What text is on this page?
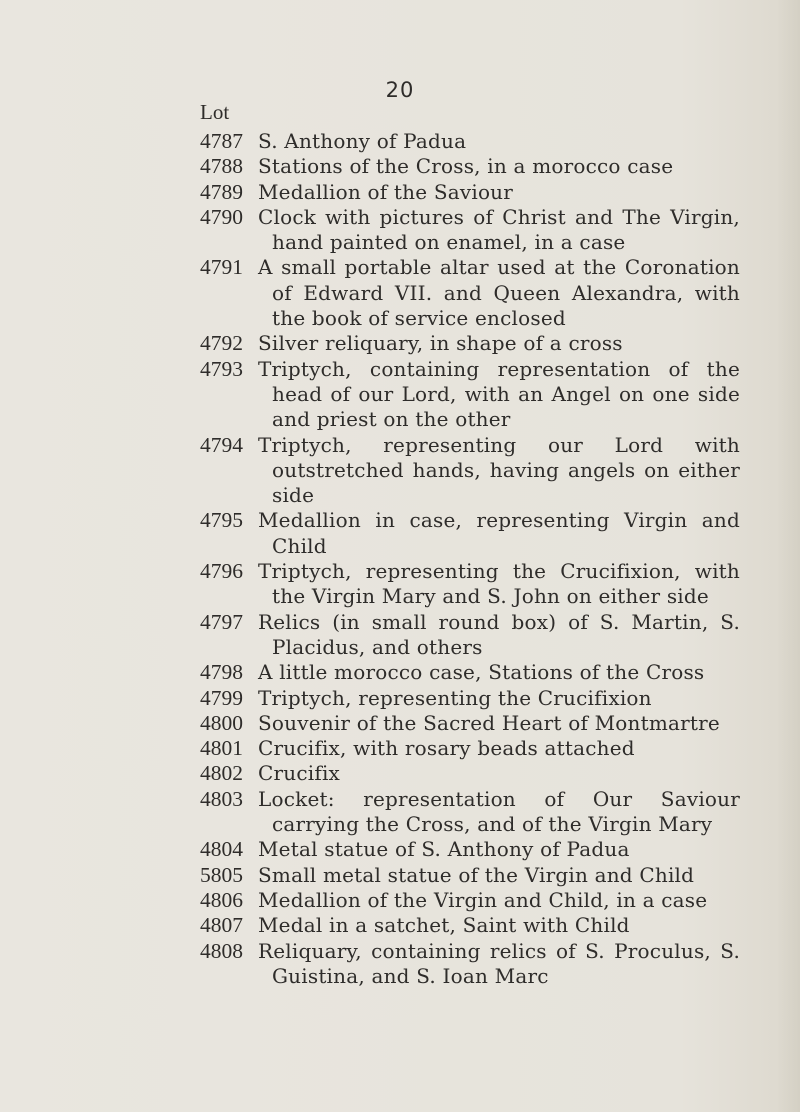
20
Lot
4787 S. Anthony of Padua
4788 Stations of the Cross, in a morocco case
4789 Medallion of the Saviour
4790 Clock with pictures of Christ and The Virgin, hand painted on enamel, in a case
4791 A small portable altar used at the Coronation of Edward VII. and Queen Alexandra, with the book of service enclosed
4792 Silver reliquary, in shape of a cross
4793 Triptych, containing representation of the head of our Lord, with an Angel on one side and priest on the other
4794 Triptych, representing our Lord with outstretched hands, having angels on either side
4795 Medallion in case, representing Virgin and Child
4796 Triptych, representing the Crucifixion, with the Virgin Mary and S. John on either side
4797 Relics (in small round box) of S. Martin, S. Placidus, and others
4798 A little morocco case, Stations of the Cross
4799 Triptych, representing the Crucifixion
4800 Souvenir of the Sacred Heart of Montmartre
4801 Crucifix, with rosary beads attached
4802 Crucifix
4803 Locket: representation of Our Saviour carrying the Cross, and of the Virgin Mary
4804 Metal statue of S. Anthony of Padua
5805 Small metal statue of the Virgin and Child
4806 Medallion of the Virgin and Child, in a case
4807 Medal in a satchet, Saint with Child
4808 Reliquary, containing relics of S. Proculus, S. Guistina, and S. Ioan Marc
